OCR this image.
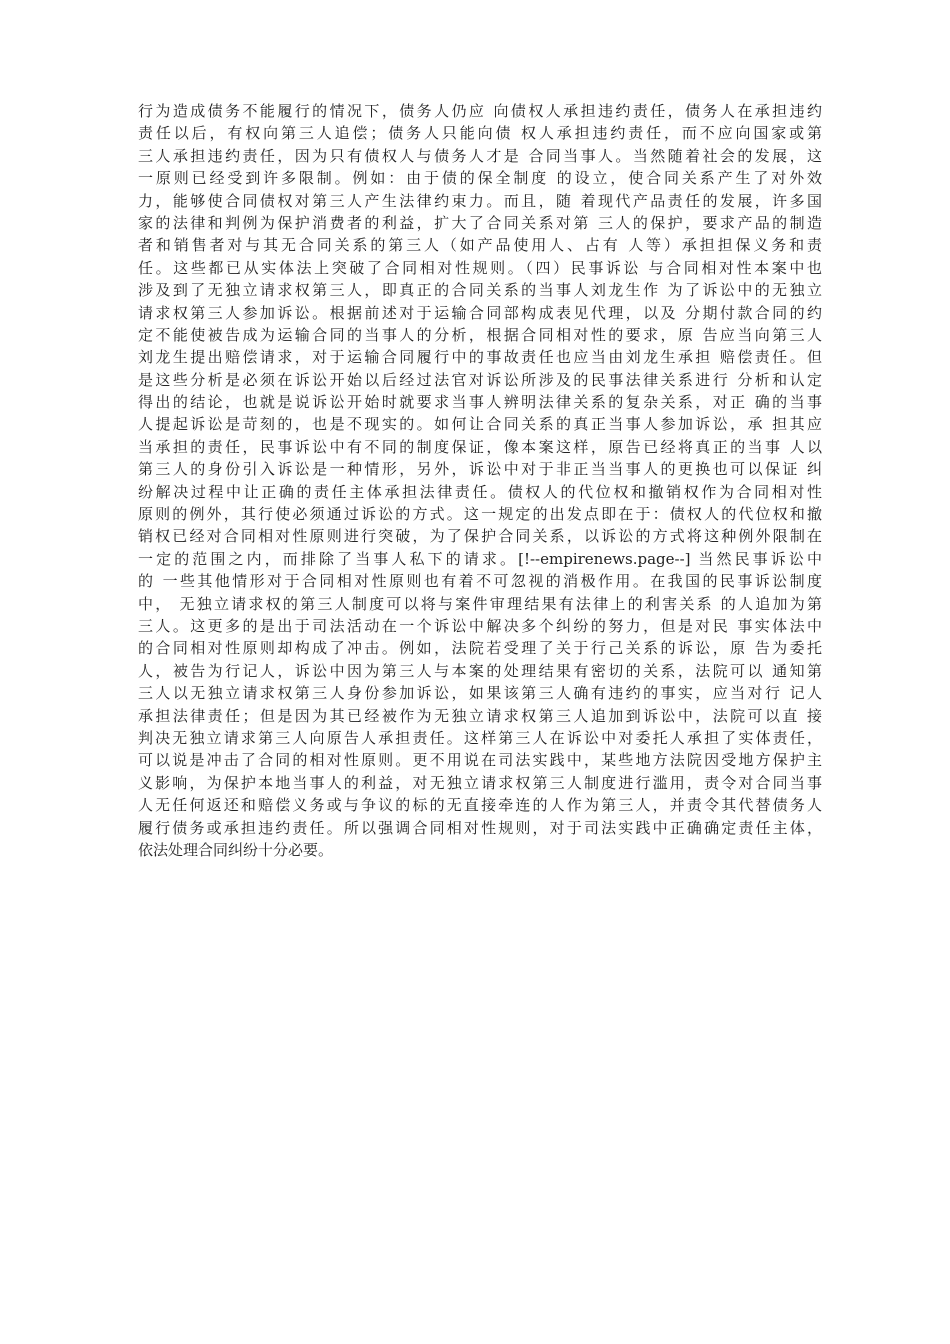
行为造成债务不能履行的情况下，债务人仍应 向债权人承担违约责任，债务人在承担违约
责任以后，有权向第三人追偿；债务人只能向债 权人承担违约责任，而不应向国家或第
三人承担违约责任，因为只有债权人与债务人才是 合同当事人。当然随着社会的发展，这
一原则已经受到许多限制。例如：由于债的保全制度 的设立，使合同关系产生了对外效
力，能够使合同债权对第三人产生法律约束力。而且，随 着现代产品责任的发展，许多国
家的法律和判例为保护消费者的利益，扩大了合同关系对第 三人的保护，要求产品的制造
者和销售者对与其无合同关系的第三人（如产品使用人、占有 人等）承担担保义务和责
任。这些都已从实体法上突破了合同相对性规则。（四）民事诉讼 与合同相对性本案中也
涉及到了无独立请求权第三人，即真正的合同关系的当事人刘龙生作 为了诉讼中的无独立
请求权第三人参加诉讼。根据前述对于运输合同部构成表见代理，以及 分期付款合同的约
定不能使被告成为运输合同的当事人的分析，根据合同相对性的要求，原 告应当向第三人
刘龙生提出赔偿请求，对于运输合同履行中的事故责任也应当由刘龙生承担 赔偿责任。但
是这些分析是必须在诉讼开始以后经过法官对诉讼所涉及的民事法律关系进行 分析和认定
得出的结论，也就是说诉讼开始时就要求当事人辨明法律关系的复杂关系，对正 确的当事
人提起诉讼是苛刻的，也是不现实的。如何让合同关系的真正当事人参加诉讼，承 担其应
当承担的责任，民事诉讼中有不同的制度保证，像本案这样，原告已经将真正的当事 人以
第三人的身份引入诉讼是一种情形，另外，诉讼中对于非正当当事人的更换也可以保证 纠
纷解决过程中让正确的责任主体承担法律责任。债权人的代位权和撤销权作为合同相对性
原则的例外，其行使必须通过诉讼的方式。这一规定的出发点即在于：债权人的代位权和撤
销权已经对合同相对性原则进行突破，为了保护合同关系，以诉讼的方式将这种例外限制在
一定的范围之内，而排除了当事人私下的请求。[!--empirenews.page--] 当然民事诉讼中
的 一些其他情形对于合同相对性原则也有着不可忽视的消极作用。在我国的民事诉讼制度
中， 无独立请求权的第三人制度可以将与案件审理结果有法律上的利害关系 的人追加为第
三人。这更多的是出于司法活动在一个诉讼中解决多个纠纷的努力，但是对民 事实体法中
的合同相对性原则却构成了冲击。例如，法院若受理了关于行己关系的诉讼，原 告为委托
人，被告为行记人，诉讼中因为第三人与本案的处理结果有密切的关系，法院可以 通知第
三人以无独立请求权第三人身份参加诉讼，如果该第三人确有违约的事实，应当对行 记人
承担法律责任；但是因为其已经被作为无独立请求权第三人追加到诉讼中，法院可以直 接
判决无独立请求第三人向原告人承担责任。这样第三人在诉讼中对委托人承担了实体责任，
可以说是冲击了合同的相对性原则。更不用说在司法实践中，某些地方法院因受地方保护主
义影响，为保护本地当事人的利益，对无独立请求权第三人制度进行滥用，责令对合同当事
人无任何返还和赔偿义务或与争议的标的无直接牵连的人作为第三人，并责令其代替债务人
履行债务或承担违约责任。所以强调合同相对性规则，对于司法实践中正确确定责任主体，
依法处理合同纠纷十分必要。
